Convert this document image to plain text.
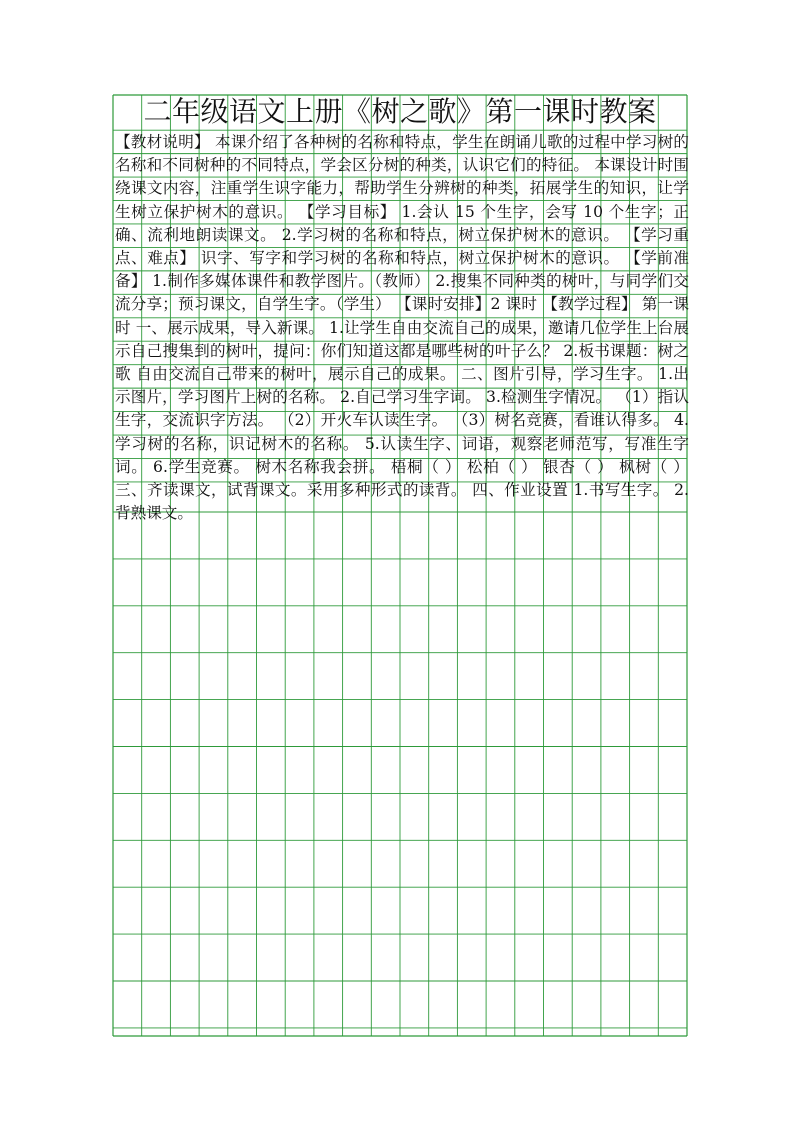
二年级语文上册《树之歌》第一课时教案

【教材说明】 本课介绍了各种树的名称和特点，学生在朗诵儿歌的过程中学习树的名称和不同树种的不同特点，学会区分树的种类，认识它们的特征。 本课设计时围绕课文内容，注重学生识字能力，帮助学生分辨树的种类，拓展学生的知识，让学生树立保护树木的意识。 【学习目标】 1.会认 15 个生字，会写 10 个生字；正确、流利地朗读课文。 2.学习树的名称和特点，树立保护树木的意识。 【学习重点、难点】 识字、写字和学习树的名称和特点，树立保护树木的意识。 【学前准备】 1.制作多媒体课件和教学图片。（教师） 2.搜集不同种类的树叶，与同学们交流分享；预习课文，自学生字。（学生） 【课时安排】2 课时 【教学过程】 第一课时 一、展示成果，导入新课。 1.让学生自由交流自己的成果，邀请几位学生上台展示自己搜集到的树叶，提问：你们知道这都是哪些树的叶子么？ 2.板书课题：树之歌 自由交流自己带来的树叶，展示自己的成果。 二、图片引导，学习生字。 1.出示图片，学习图片上树的名称。 2.自己学习生字词。 3.检测生字情况。 （1）指认生字，交流识字方法。 （2）开火车认读生字。 （3）树名竞赛，看谁认得多。 4.学习树的名称，识记树木的名称。 5.认读生字、词语，观察老师范写，写准生字词。 6.学生竞赛。 树木名称我会拼。 梧桐（ ） 松柏（ ） 银杏（ ） 枫树（ ） 三、齐读课文，试背课文。采用多种形式的读背。 四、作业设置 1.书写生字。 2.背熟课文。
